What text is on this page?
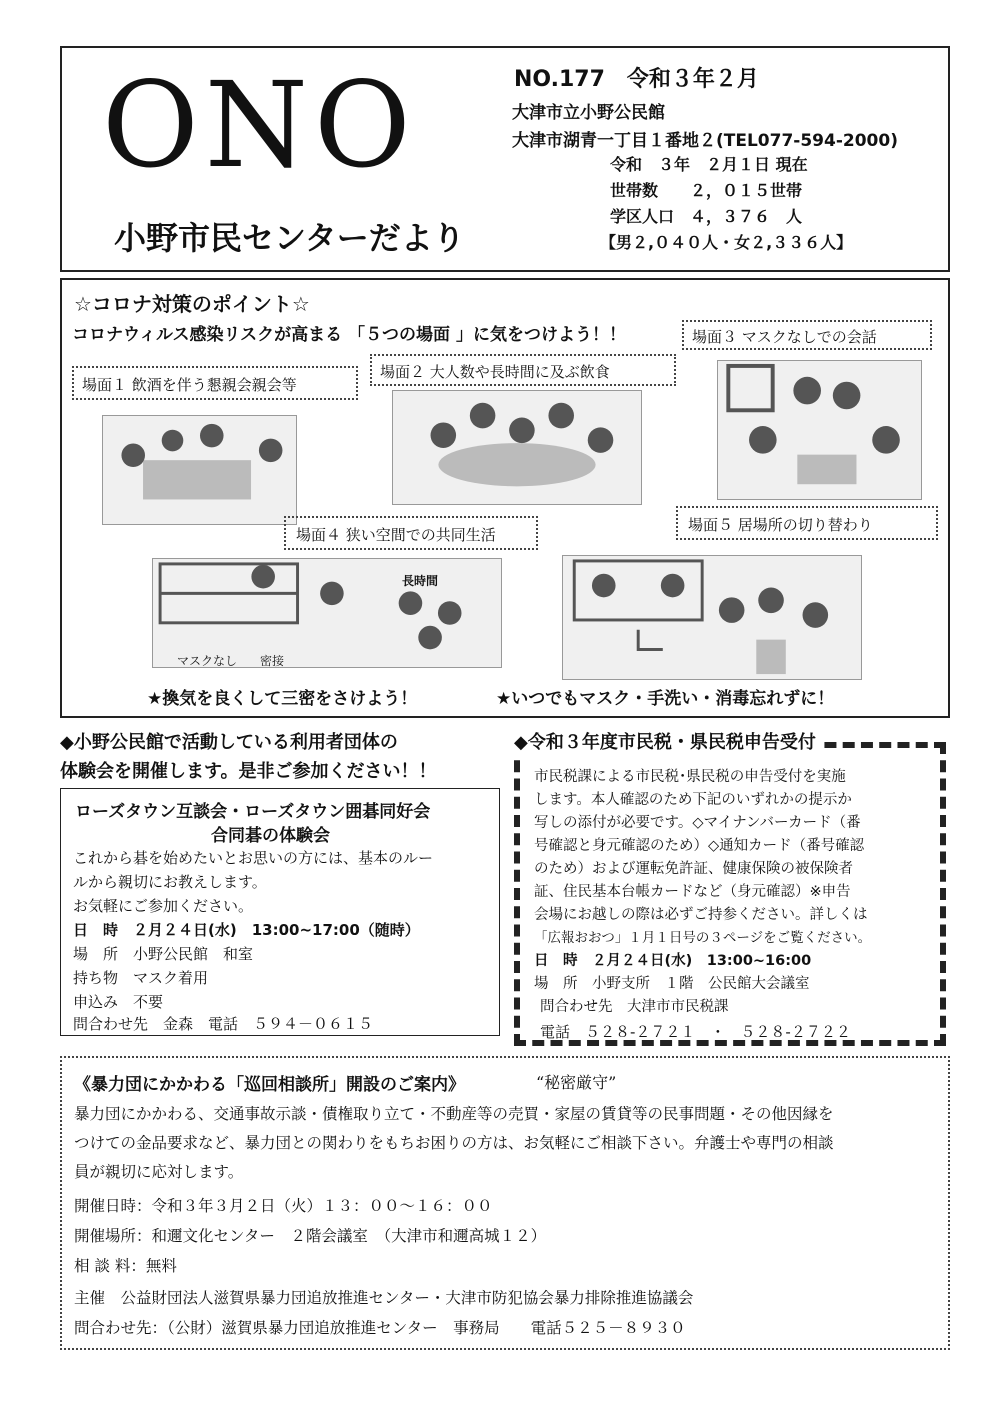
ONO
小野市民センターだより
NO.177　令和３年２月
大津市立小野公民館
大津市湖青一丁目１番地２(TEL077-594-2000)
令和　３年　２月１日 現在
世帯数　　２，０１５世帯
学区人口　４，３７６　人
【男２,０４０人・女２,３３６人】
☆コロナ対策のポイント☆
コロナウィルス感染リスクが高まる 「５つの場面 」に気をつけよう！！	場面３ マスクなしでの会話
場面２ 大人数や長時間に及ぶ飲食
場面１ 飲酒を伴う懇親会親会等
場面５ 居場所の切り替わり
場面４ 狭い空間での共同生活
長時間
マスクなし 密接
★換気を良くして三密をさけよう！	★いつでもマスク・手洗い・消毒忘れずに！
◆小野公民館で活動している利用者団体の
体験会を開催します。是非ご参加ください！！
ローズタウン互談会・ローズタウン囲碁同好会
合同碁の体験会
これから碁を始めたいとお思いの方には、基本のルー
ルから親切にお教えします。
お気軽にご参加ください。
日　時　２月２４日(水)　13:00~17:00（随時）
場　所　小野公民館　和室
持ち物　マスク着用
申込み　不要
問合わせ先　金森　電話　５９４－０６１５
◆令和３年度市民税・県民税申告受付
市民税課による市民税･県民税の申告受付を実施
します。本人確認のため下記のいずれかの提示か
写しの添付が必要です。◇マイナンバーカード（番
号確認と身元確認のため）◇通知カード（番号確認
のため）および運転免許証、健康保険の被保険者
証、住民基本台帳カードなど（身元確認）※申告
会場にお越しの際は必ずご持参ください。詳しくは
「広報おおつ」１月１日号の３ページをご覧ください。
日　時　２月２４日(水)　13:00~16:00
場　所　小野支所　１階　公民館大会議室
問合わせ先　大津市市民税課
電話　５２８-２７２１　・　５２８-２７２２
《暴力団にかかわる「巡回相談所」開設のご案内》	“秘密厳守”
暴力団にかかわる、交通事故示談・債権取り立て・不動産等の売買・家屋の賃貸等の民事問題・その他因縁を
つけての金品要求など、暴力団との関わりをもちお困りの方は、お気軽にご相談下さい。弁護士や専門の相談
員が親切に応対します。
開催日時：令和３年３月２日（火）１３：００～１６：００
開催場所：和邇文化センター　２階会議室　（大津市和邇高城１２）
相 談 料：無料
主催　公益財団法人滋賀県暴力団追放推進センター・大津市防犯協会暴力排除推進協議会
問合わせ先：（公財）滋賀県暴力団追放推進センター　事務局　　電話５２５－８９３０
